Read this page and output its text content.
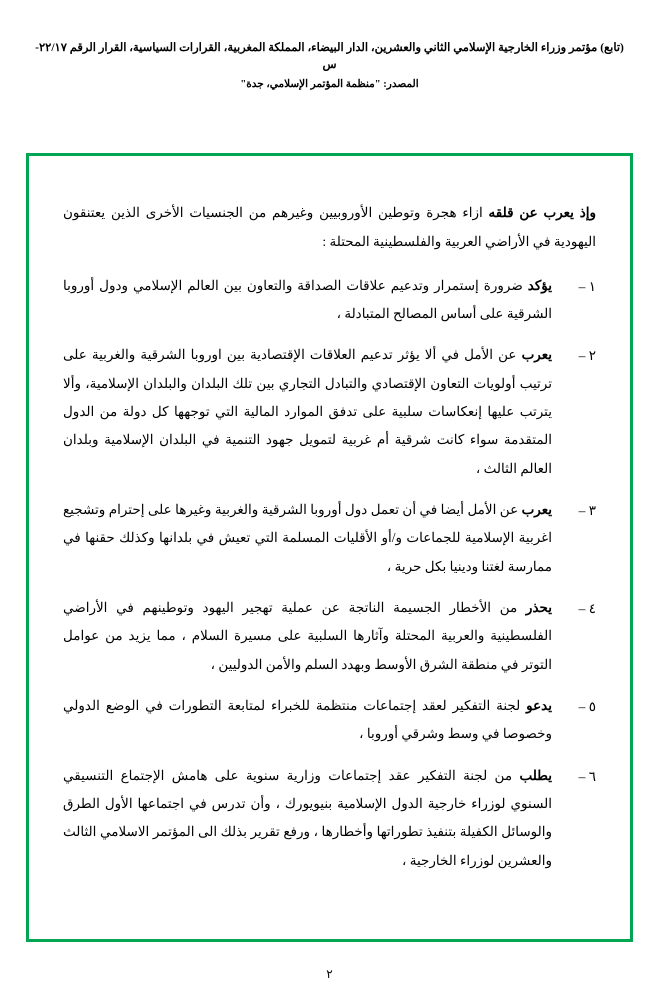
(تابع) مؤتمر وزراء الخارجية الإسلامي الثاني والعشرين، الدار البيضاء، المملكة المغربية، القرارات السياسية، القرار الرقم ٢٢/١٧-س
المصدر: "منظمة المؤتمر الإسلامي، جدة"

وإذ يعرب عن قلقه ازاء هجرة وتوطين الأوروبيين وغيرهم من الجنسيات الأخرى الذين يعتنقون اليهودية في الأراضي العربية والفلسطينية المحتلة :

١ –
يؤكد ضرورة إستمرار وتدعيم علاقات الصداقة والتعاون بين العالم الإسلامي ودول أوروبا الشرقية على أساس المصالح المتبادلة ،
٢ –
يعرب عن الأمل في ألا يؤثر تدعيم العلاقات الإقتصادية بين اوروبا الشرقية والغربية على ترتيب أولويات التعاون الإقتصادي والتبادل التجاري بين تلك البلدان والبلدان الإسلامية، وألا يترتب عليها إنعكاسات سلبية على تدفق الموارد المالية التي توجهها كل دولة من الدول المتقدمة سواء كانت شرقية أم غربية لتمويل جهود التنمية في البلدان الإسلامية وبلدان العالم الثالث ،
٣ –
يعرب عن الأمل أيضا في أن تعمل دول أوروبا الشرقية والغربية وغيرها على إحترام وتشجيع اغربية الإسلامية للجماعات و/أو الأقليات المسلمة التي تعيش في بلدانها وكذلك حقنها في ممارسة لغتنا ودينيا بكل حرية ،
٤ –
يحذر من الأخطار الجسيمة الناتجة عن عملية تهجير اليهود وتوطينهم في الأراضي الفلسطينية والعربية المحتلة وآثارها السلبية على مسيرة السلام ، مما يزيد من عوامل التوتر في منطقة الشرق الأوسط وبهدد السلم والأمن الدوليين ،
٥ –
يدعو لجنة التفكير لعقد إجتماعات منتظمة للخبراء لمتابعة التطورات في الوضع الدولي وخصوصا في وسط وشرقي أوروبا ،
٦ –
يطلب من لجنة التفكير عقد إجتماعات وزارية سنوية على هامش الإجتماع التنسيقي السنوي لوزراء خارجية الدول الإسلامية بنيويورك ، وأن تدرس في اجتماعها الأول الطرق والوسائل الكفيلة بتنفيذ تطوراتها وأخطارها ، ورفع تقرير بذلك الى المؤتمر الاسلامي الثالث والعشرين لوزراء الخارجية ،
٢
